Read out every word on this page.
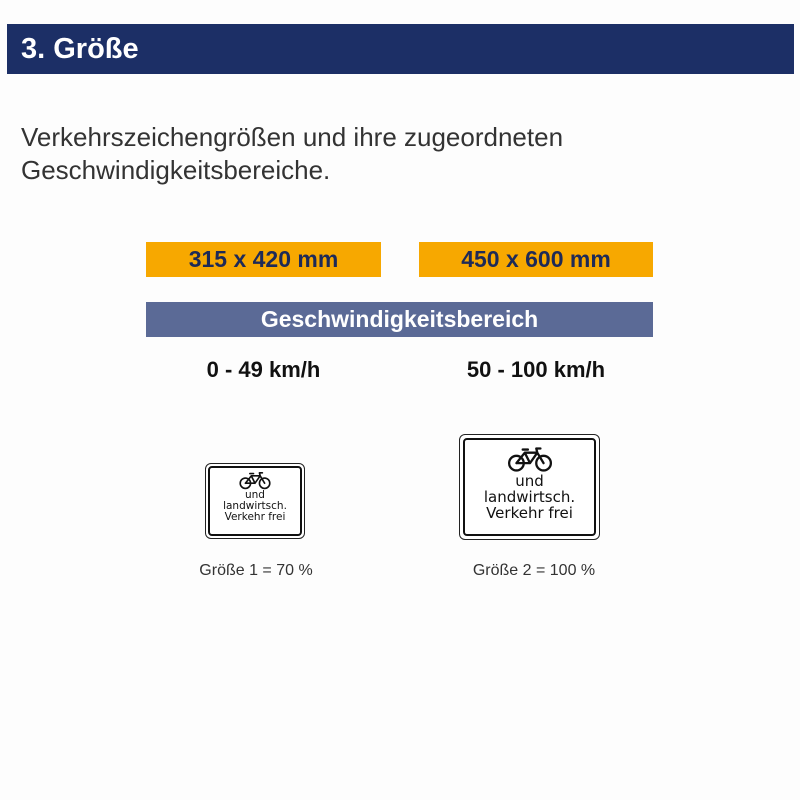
3. Größe
Verkehrszeichengrößen und ihre zugeordneten
Geschwindigkeitsbereiche.
315 x 420 mm	450 x 600 mm
Geschwindigkeitsbereich
0 - 49 km/h	50 - 100 km/h
und
landwirtsch.
Verkehr frei
und
landwirtsch.
Verkehr frei
Größe 1 = 70 %	Größe 2 = 100 %
